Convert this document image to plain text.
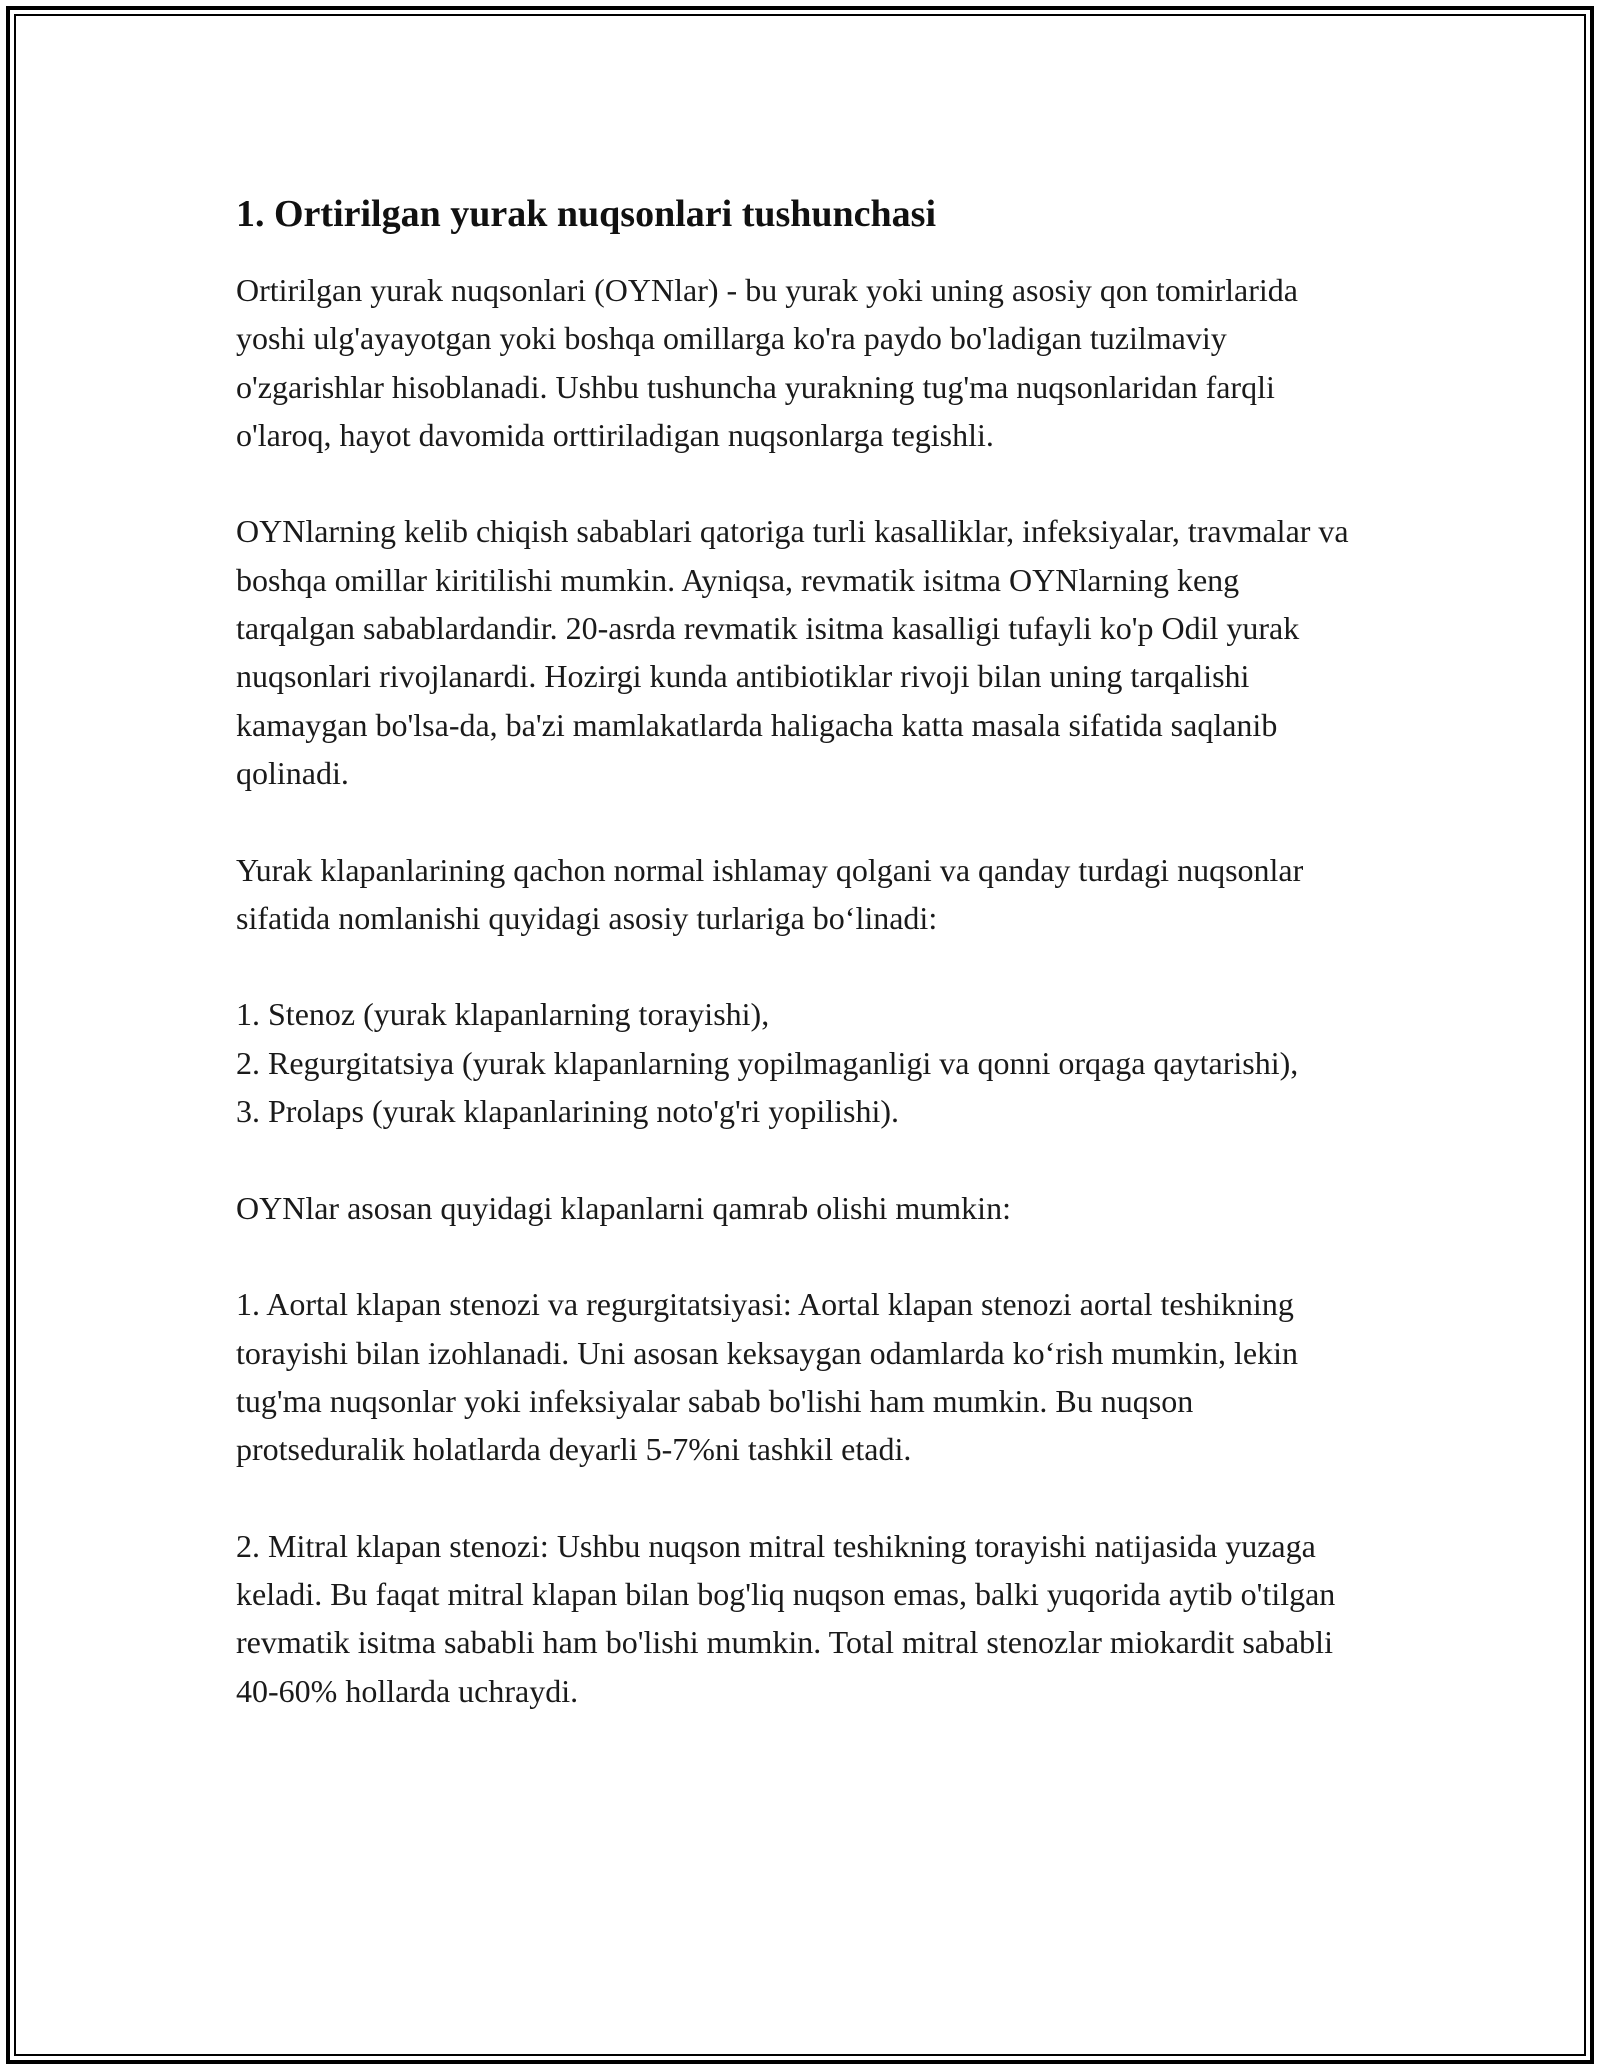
1. Ortirilgan yurak nuqsonlari tushunchasi

Ortirilgan yurak nuqsonlari (OYNlar) - bu yurak yoki uning asosiy qon tomirlarida yoshi ulg'ayayotgan yoki boshqa omillarga ko'ra paydo bo'ladigan tuzilmaviy o'zgarishlar hisoblanadi. Ushbu tushuncha yurakning tug'ma nuqsonlaridan farqli o'laroq, hayot davomida orttiriladigan nuqsonlarga tegishli.

OYNlarning kelib chiqish sabablari qatoriga turli kasalliklar, infeksiyalar, travmalar va boshqa omillar kiritilishi mumkin. Ayniqsa, revmatik isitma OYNlarning keng tarqalgan sabablardandir. 20-asrda revmatik isitma kasalligi tufayli ko'p Odil yurak nuqsonlari rivojlanardi. Hozirgi kunda antibiotiklar rivoji bilan uning tarqalishi kamaygan bo'lsa-da, ba'zi mamlakatlarda haligacha katta masala sifatida saqlanib qolinadi.

Yurak klapanlarining qachon normal ishlamay qolgani va qanday turdagi nuqsonlar sifatida nomlanishi quyidagi asosiy turlariga bo‘linadi:

1. Stenoz (yurak klapanlarning torayishi),
2. Regurgitatsiya (yurak klapanlarning yopilmaganligi va qonni orqaga qaytarishi),
3. Prolaps (yurak klapanlarining noto'g'ri yopilishi).

OYNlar asosan quyidagi klapanlarni qamrab olishi mumkin:

1. Aortal klapan stenozi va regurgitatsiyasi: Aortal klapan stenozi aortal teshikning torayishi bilan izohlanadi. Uni asosan keksaygan odamlarda ko‘rish mumkin, lekin tug'ma nuqsonlar yoki infeksiyalar sabab bo'lishi ham mumkin. Bu nuqson protseduralik holatlarda deyarli 5-7%ni tashkil etadi.

2. Mitral klapan stenozi: Ushbu nuqson mitral teshikning torayishi natijasida yuzaga keladi. Bu faqat mitral klapan bilan bog'liq nuqson emas, balki yuqorida aytib o'tilgan revmatik isitma sababli ham bo'lishi mumkin. Total mitral stenozlar miokardit sababli 40-60% hollarda uchraydi.
